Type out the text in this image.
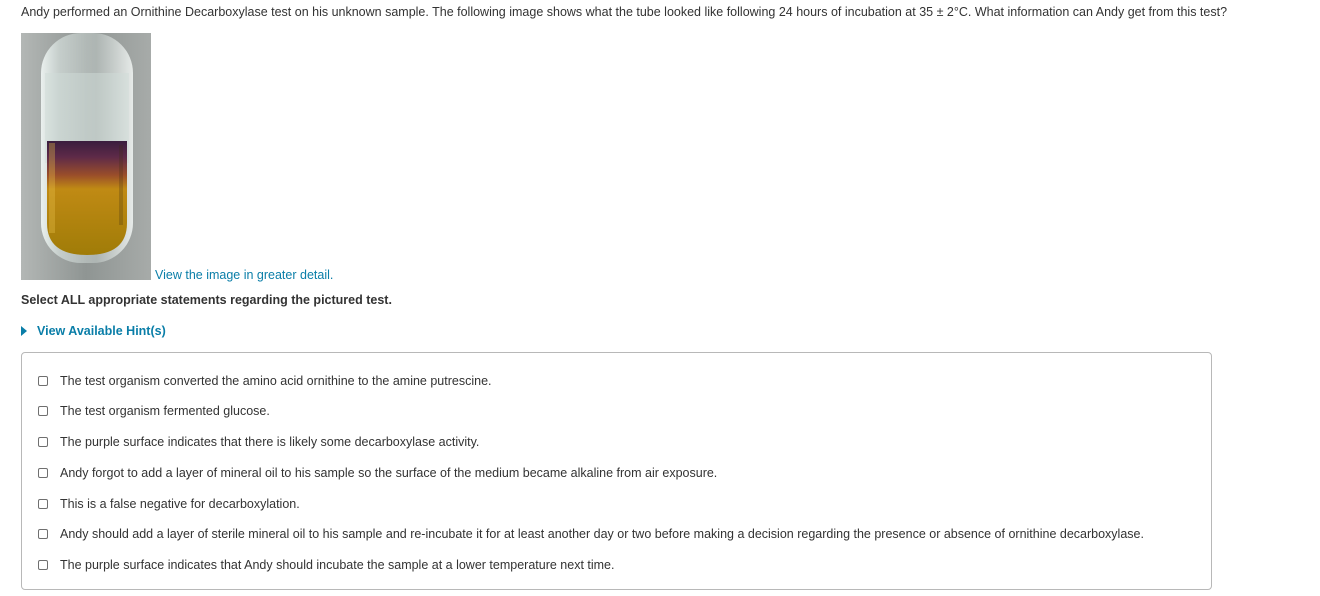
Andy performed an Ornithine Decarboxylase test on his unknown sample. The following image shows what the tube looked like following 24 hours of incubation at 35 ± 2°C. What information can Andy get from this test?
View the image in greater detail.
Select ALL appropriate statements regarding the pictured test.
View Available Hint(s)
The test organism converted the amino acid ornithine to the amine putrescine.
The test organism fermented glucose.
The purple surface indicates that there is likely some decarboxylase activity.
Andy forgot to add a layer of mineral oil to his sample so the surface of the medium became alkaline from air exposure.
This is a false negative for decarboxylation.
Andy should add a layer of sterile mineral oil to his sample and re-incubate it for at least another day or two before making a decision regarding the presence or absence of ornithine decarboxylase.
The purple surface indicates that Andy should incubate the sample at a lower temperature next time.
